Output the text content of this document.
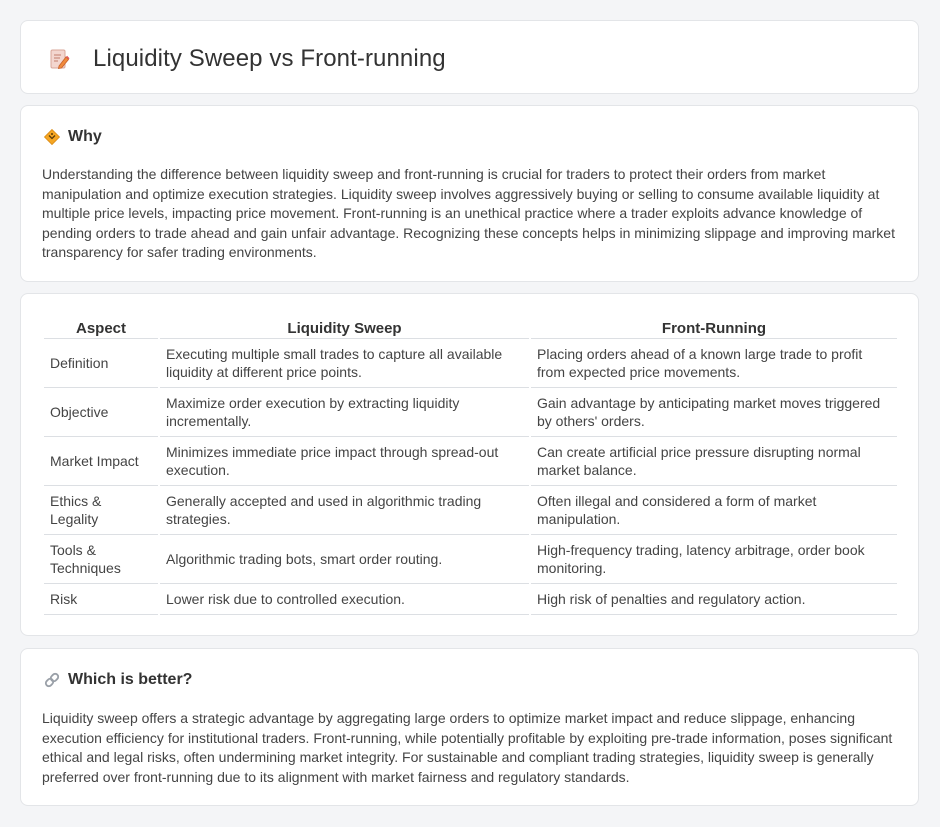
Liquidity Sweep vs Front-running
Why

Understanding the difference between liquidity sweep and front-running is crucial for traders to protect their orders from market manipulation and optimize execution strategies. Liquidity sweep involves aggressively buying or selling to consume available liquidity at multiple price levels, impacting price movement. Front-running is an unethical practice where a trader exploits advance knowledge of pending orders to trade ahead and gain unfair advantage. Recognizing these concepts helps in minimizing slippage and improving market transparency for safer trading environments.

Aspect	Liquidity Sweep	Front-Running
Definition	Executing multiple small trades to capture all available liquidity at different price points.	Placing orders ahead of a known large trade to profit from expected price movements.
Objective	Maximize order execution by extracting liquidity incrementally.	Gain advantage by anticipating market moves triggered by others' orders.
Market Impact	Minimizes immediate price impact through spread-out execution.	Can create artificial price pressure disrupting normal market balance.
Ethics & Legality	Generally accepted and used in algorithmic trading strategies.	Often illegal and considered a form of market manipulation.
Tools & Techniques	Algorithmic trading bots, smart order routing.	High-frequency trading, latency arbitrage, order book monitoring.
Risk	Lower risk due to controlled execution.	High risk of penalties and regulatory action.
Which is better?

Liquidity sweep offers a strategic advantage by aggregating large orders to optimize market impact and reduce slippage, enhancing execution efficiency for institutional traders. Front-running, while potentially profitable by exploiting pre-trade information, poses significant ethical and legal risks, often undermining market integrity. For sustainable and compliant trading strategies, liquidity sweep is generally preferred over front-running due to its alignment with market fairness and regulatory standards.
